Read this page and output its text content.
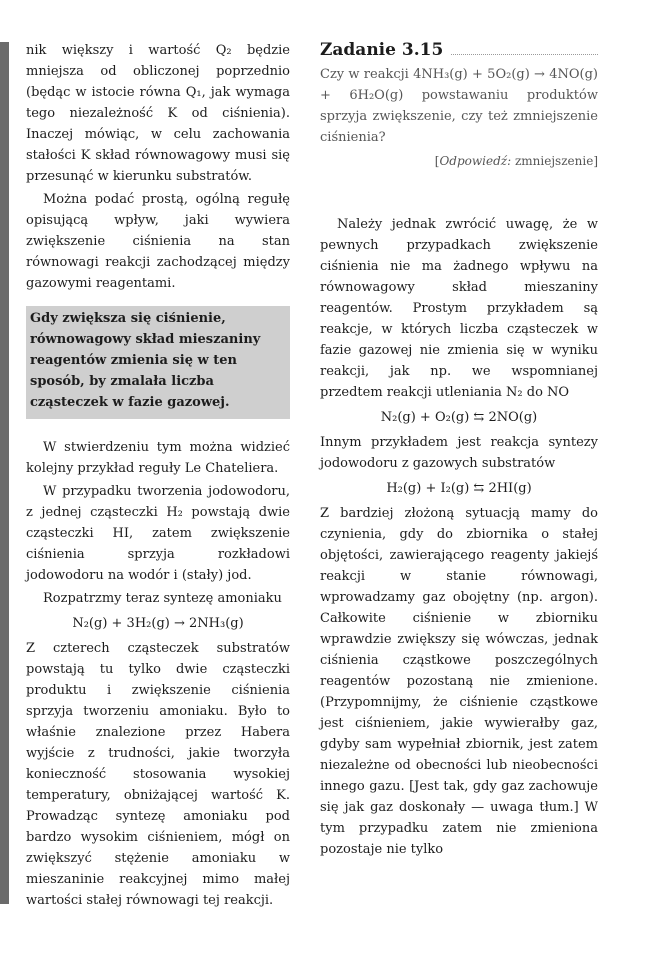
nik większy i wartość Q₂ będzie mniejsza od obliczonej poprzednio (będąc w istocie równa Q₁, jak wymaga tego niezależność K od ciśnienia). Inaczej mówiąc, w celu zachowania stałości K skład równowagowy musi się przesunąć w kierunku substratów.

Można podać prostą, ogólną regułę opisującą wpływ, jaki wywiera zwiększenie ciśnienia na stan równowagi reakcji zachodzącej między gazowymi reagentami.

Gdy zwiększa się ciśnienie, równowagowy skład mieszaniny reagentów zmienia się w ten sposób, by zmalała liczba cząsteczek w fazie gazowej.

W stwierdzeniu tym można widzieć kolejny przykład reguły Le Chateliera.

W przypadku tworzenia jodowodoru, z jednej cząsteczki H₂ powstają dwie cząsteczki HI, zatem zwiększenie ciśnienia sprzyja rozkładowi jodowodoru na wodór i (stały) jod.

Rozpatrzmy teraz syntezę amoniaku

N₂(g) + 3H₂(g) → 2NH₃(g)

Z czterech cząsteczek substratów powstają tu tylko dwie cząsteczki produktu i zwiększenie ciśnienia sprzyja tworzeniu amoniaku. Było to właśnie znalezione przez Habera wyjście z trudności, jakie tworzyła konieczność stosowania wysokiej temperatury, obniżającej wartość K. Prowadząc syntezę amoniaku pod bardzo wysokim ciśnieniem, mógł on zwiększyć stężenie amoniaku w mieszaninie reakcyjnej mimo małej wartości stałej równowagi tej reakcji.

Zadanie 3.15

Czy w reakcji 4NH₃(g) + 5O₂(g) → 4NO(g) + 6H₂O(g) powstawaniu produktów sprzyja zwiększenie, czy też zmniejszenie ciśnienia?

[Odpowiedź: zmniejszenie]

Należy jednak zwrócić uwagę, że w pewnych przypadkach zwiększenie ciśnienia nie ma żadnego wpływu na równowagowy skład mieszaniny reagentów. Prostym przykładem są reakcje, w których liczba cząsteczek w fazie gazowej nie zmienia się w wyniku reakcji, jak np. we wspomnianej przedtem reakcji utleniania N₂ do NO

N₂(g) + O₂(g) ⇆ 2NO(g)

Innym przykładem jest reakcja syntezy jodowodoru z gazowych substratów

H₂(g) + I₂(g) ⇆ 2HI(g)

Z bardziej złożoną sytuacją mamy do czynienia, gdy do zbiornika o stałej objętości, zawierającego reagenty jakiejś reakcji w stanie równowagi, wprowadzamy gaz obojętny (np. argon). Całkowite ciśnienie w zbiorniku wprawdzie zwiększy się wówczas, jednak ciśnienia cząstkowe poszczególnych reagentów pozostaną nie zmienione. (Przypomnijmy, że ciśnienie cząstkowe jest ciśnieniem, jakie wywierałby gaz, gdyby sam wypełniał zbiornik, jest zatem niezależne od obecności lub nieobecności innego gazu. [Jest tak, gdy gaz zachowuje się jak gaz doskonały — uwaga tłum.] W tym przypadku zatem nie zmieniona pozostaje nie tylko
